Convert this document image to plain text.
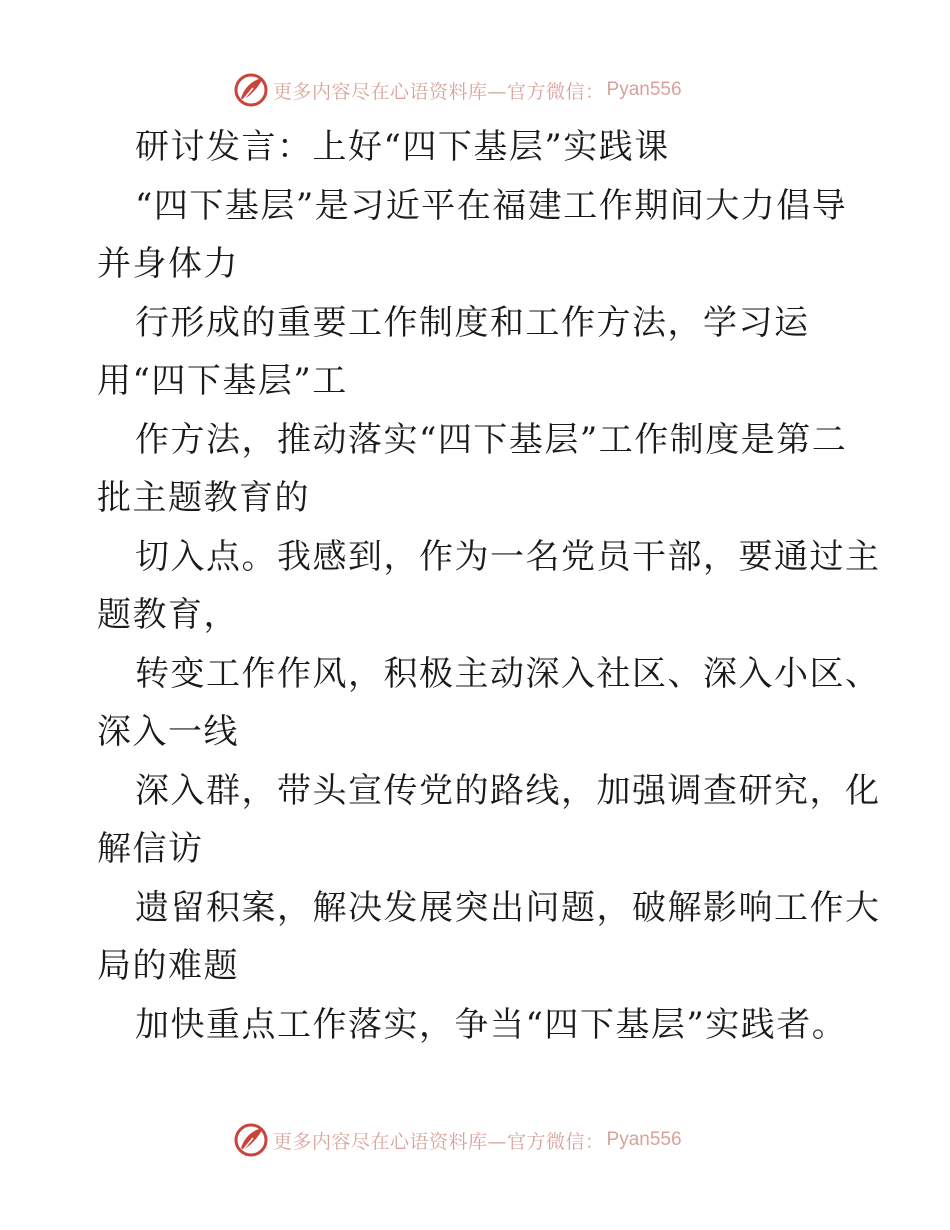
更多内容尽在心语资料库—官方微信： Pyan556
研讨发言：上好“四下基层”实践课
“四下基层”是习近平在福建工作期间大力倡导
并身体力
行形成的重要工作制度和工作方法，学习运
用“四下基层”工
作方法，推动落实“四下基层”工作制度是第二
批主题教育的
切入点。我感到，作为一名党员干部，要通过主
题教育，
转变工作作风，积极主动深入社区、深入小区、
深入一线
深入群，带头宣传党的路线，加强调查研究，化
解信访
遗留积案，解决发展突出问题，破解影响工作大
局的难题
加快重点工作落实，争当“四下基层”实践者。
更多内容尽在心语资料库—官方微信： Pyan556
